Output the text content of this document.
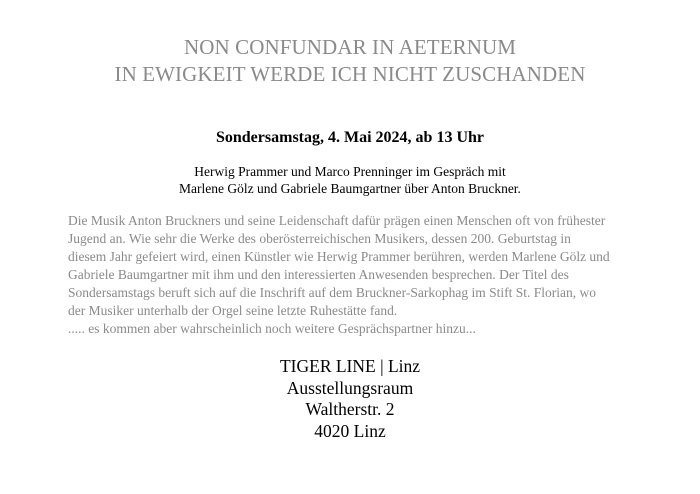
NON CONFUNDAR IN AETERNUM
IN EWIGKEIT WERDE ICH NICHT ZUSCHANDEN
Sondersamstag, 4. Mai 2024, ab 13 Uhr
Herwig Prammer und Marco Prenninger im Gespräch mit
Marlene Gölz und Gabriele Baumgartner über Anton Bruckner.
Die Musik Anton Bruckners und seine Leidenschaft dafür prägen einen Menschen oft von frühester
Jugend an. Wie sehr die Werke des oberösterreichischen Musikers, dessen 200. Geburtstag in
diesem Jahr gefeiert wird, einen Künstler wie Herwig Prammer berühren, werden Marlene Gölz und
Gabriele Baumgartner mit ihm und den interessierten Anwesenden besprechen. Der Titel des
Sondersamstags beruft sich auf die Inschrift auf dem Bruckner-Sarkophag im Stift St. Florian, wo
der Musiker unterhalb der Orgel seine letzte Ruhestätte fand.
..... es kommen aber wahrscheinlich noch weitere Gesprächspartner hinzu...
TIGER LINE | Linz
Ausstellungsraum
Waltherstr. 2
4020 Linz
